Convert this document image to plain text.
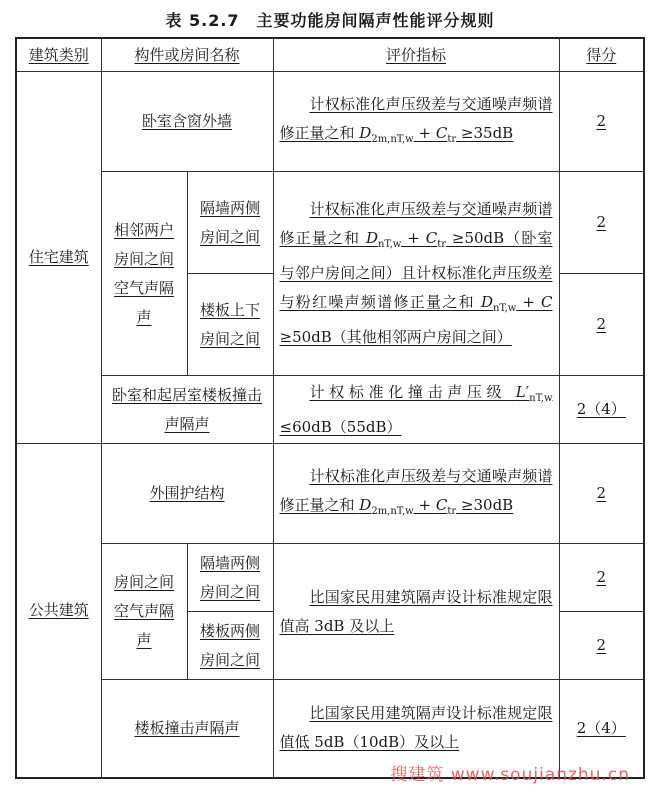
表 5.2.7　主要功能房间隔声性能评分规则
建筑类别	构件或房间名称		评价指标	得分
住宅建筑	卧室含窗外墙		计权标准化声压级差与交通噪声频谱修正量之和 $D_{2m,nT,w} + C_{tr} \ge 35dB$	2
	相邻两户房间之间空气声隔声	隔墙两侧房间之间	计权标准化声压级差与交通噪声频谱修正量之和 $D_{nT,w} + C_{tr} \ge 50dB$（卧室与邻户房间之间）且计权标准化声压级差与粉红噪声频谱修正量之和 $D_{nT,w} + C \ge 50dB$（其他相邻两户房间之间）	2
		楼板上下房间之间		2
	卧室和起居室楼板撞击声隔声		计权标准化撞击声压级 $L'_{nT,w} \le 60dB(55dB)$	2（4）
公共建筑	外围护结构		计权标准化声压级差与交通噪声频谱修正量之和 $D_{2m,nT,w} + C_{tr} \ge 30dB$	2
	房间之间空气声隔声	隔墙两侧房间之间	比国家民用建筑隔声设计标准规定限值高 3dB 及以上	2
		楼板两侧房间之间		2
	楼板撞击声隔声		比国家民用建筑隔声设计标准规定限值低 5dB（10dB）及以上	2（4）
搜建筑 www.soujianzhu.cn
